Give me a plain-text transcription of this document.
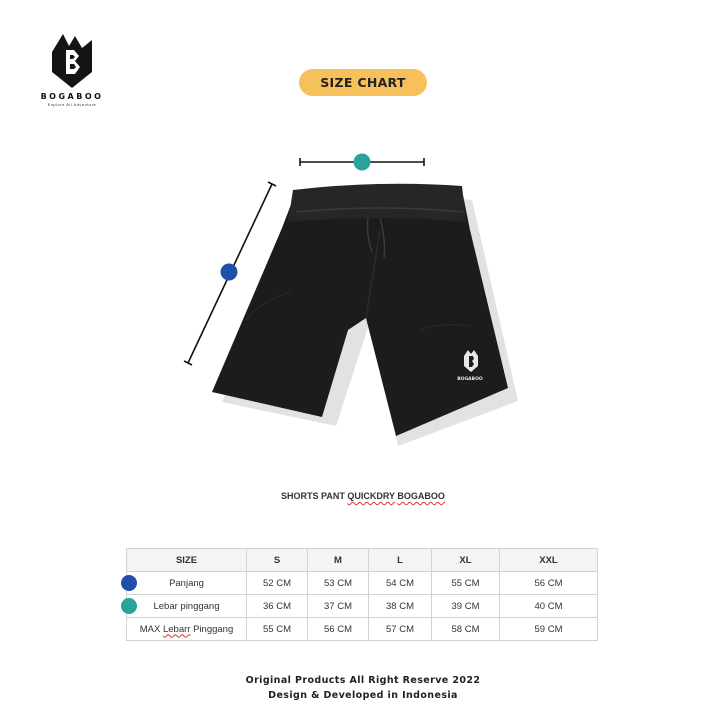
BOGABOO
Explore All Adventure
SIZE CHART
BOGABOO
SHORTS PANT QUICKDRY BOGABOO
SIZE	S	M	L	XL	XXL

Panjang	52 CM	53 CM	54 CM	55 CM	56 CM

Lebar pinggang	36 CM	37 CM	38 CM	39 CM	40 CM
MAX Lebarr Pinggang	55 CM	56 CM	57 CM	58 CM	59 CM
Original Products All Right Reserve 2022
Design & Developed in Indonesia
